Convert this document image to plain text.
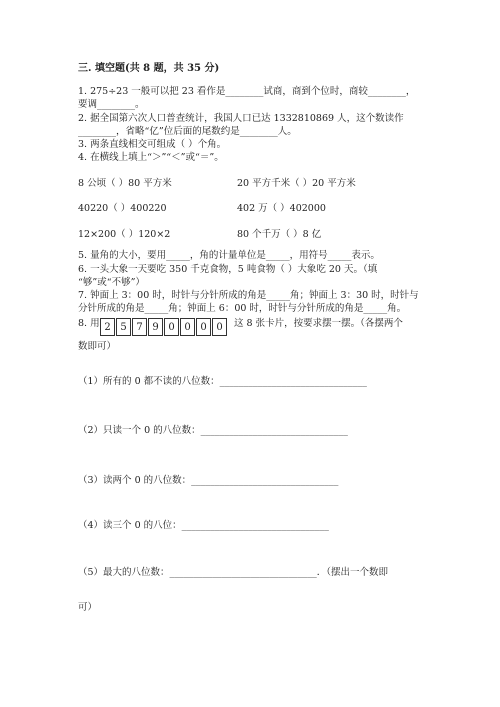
三. 填空题(共 8 题，共 35 分)
1. 275÷23 一般可以把 23 看作是________试商，商到个位时，商较________，
要调________。
2. 据全国第六次人口普查统计，我国人口已达 1332810869 人，这个数读作
________，省略“亿”位后面的尾数约是________人。
3. 两条直线相交可组成（ ）个角。
4. 在横线上填上“＞”“＜”或“＝”。
8 公顷（ ）80 平方米	20 平方千米（ ）20 平方米
40220（ ）400220	402 万（ ）402000
12×200（ ）120×2	80 个千万（ ）8 亿
5. 量角的大小，要用_____，角的计量单位是_____，用符号_____表示。
6. 一头大象一天要吃 350 千克食物，5 吨食物（ ）大象吃 20 天。（填
“够”或“不够”）
7. 钟面上 3：00 时，时针与分针所成的角是_____角；钟面上 3：30 时，时针与
分针所成的角是_____角；钟面上 6：00 时，时针与分针所成的角是_____角。
8. 用 2 5 7 9 0 0 0 0	这 8 张卡片，按要求摆一摆。（各摆两个
数即可）
（1）所有的 0 都不读的八位数：_______________________________
（2）只读一个 0 的八位数：_______________________________
（3）读两个 0 的八位数：_______________________________
（4）读三个 0 的八位：_______________________________
（5）最大的八位数：_______________________________．（摆出一个数即
可）
